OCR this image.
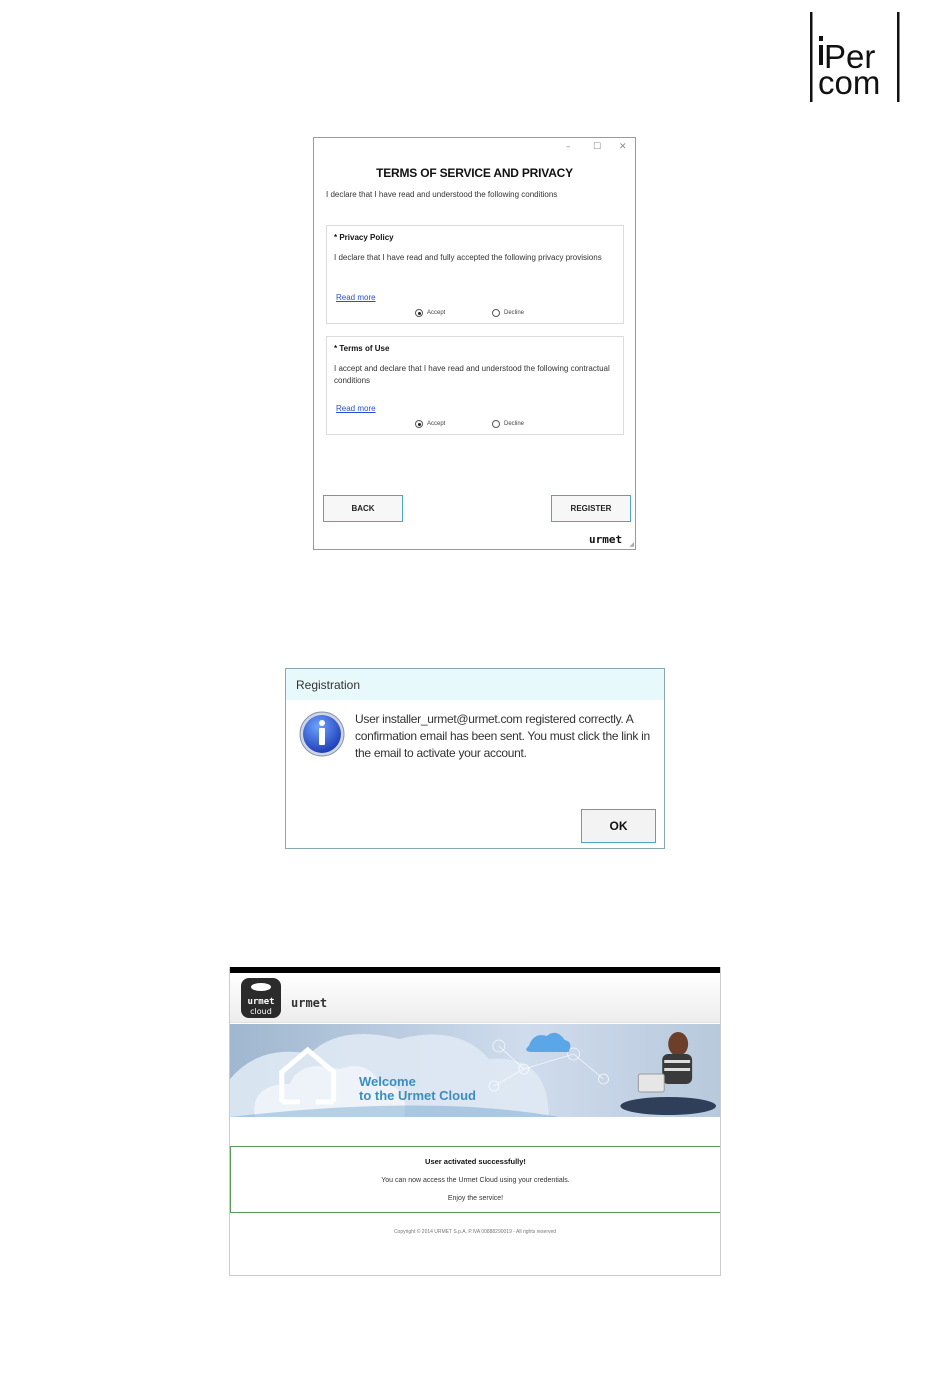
Per
com
–	☐ ✕
TERMS OF SERVICE AND PRIVACY
I declare that I have read and understood the following conditions
* Privacy Policy
I declare that I have read and fully accepted the following privacy provisions
Read more
Accept	Decline
* Terms of Use
I accept and declare that I have read and understood the following contractual conditions
Read more
Accept	Decline
BACK	REGISTER
urmet ◢
Registration
User installer_urmet@urmet.com registered correctly. A confirmation email has been sent. You must click the link in the email to activate your account.
OK
urmet
cloud
urmet
Welcome
to the Urmet Cloud
User activated successfully!
You can now access the Urmet Cloud using your credentials.
Enjoy the service!
Copyright © 2014 URMET S.p.A. P.IVA 00888290019 - All rights reserved
